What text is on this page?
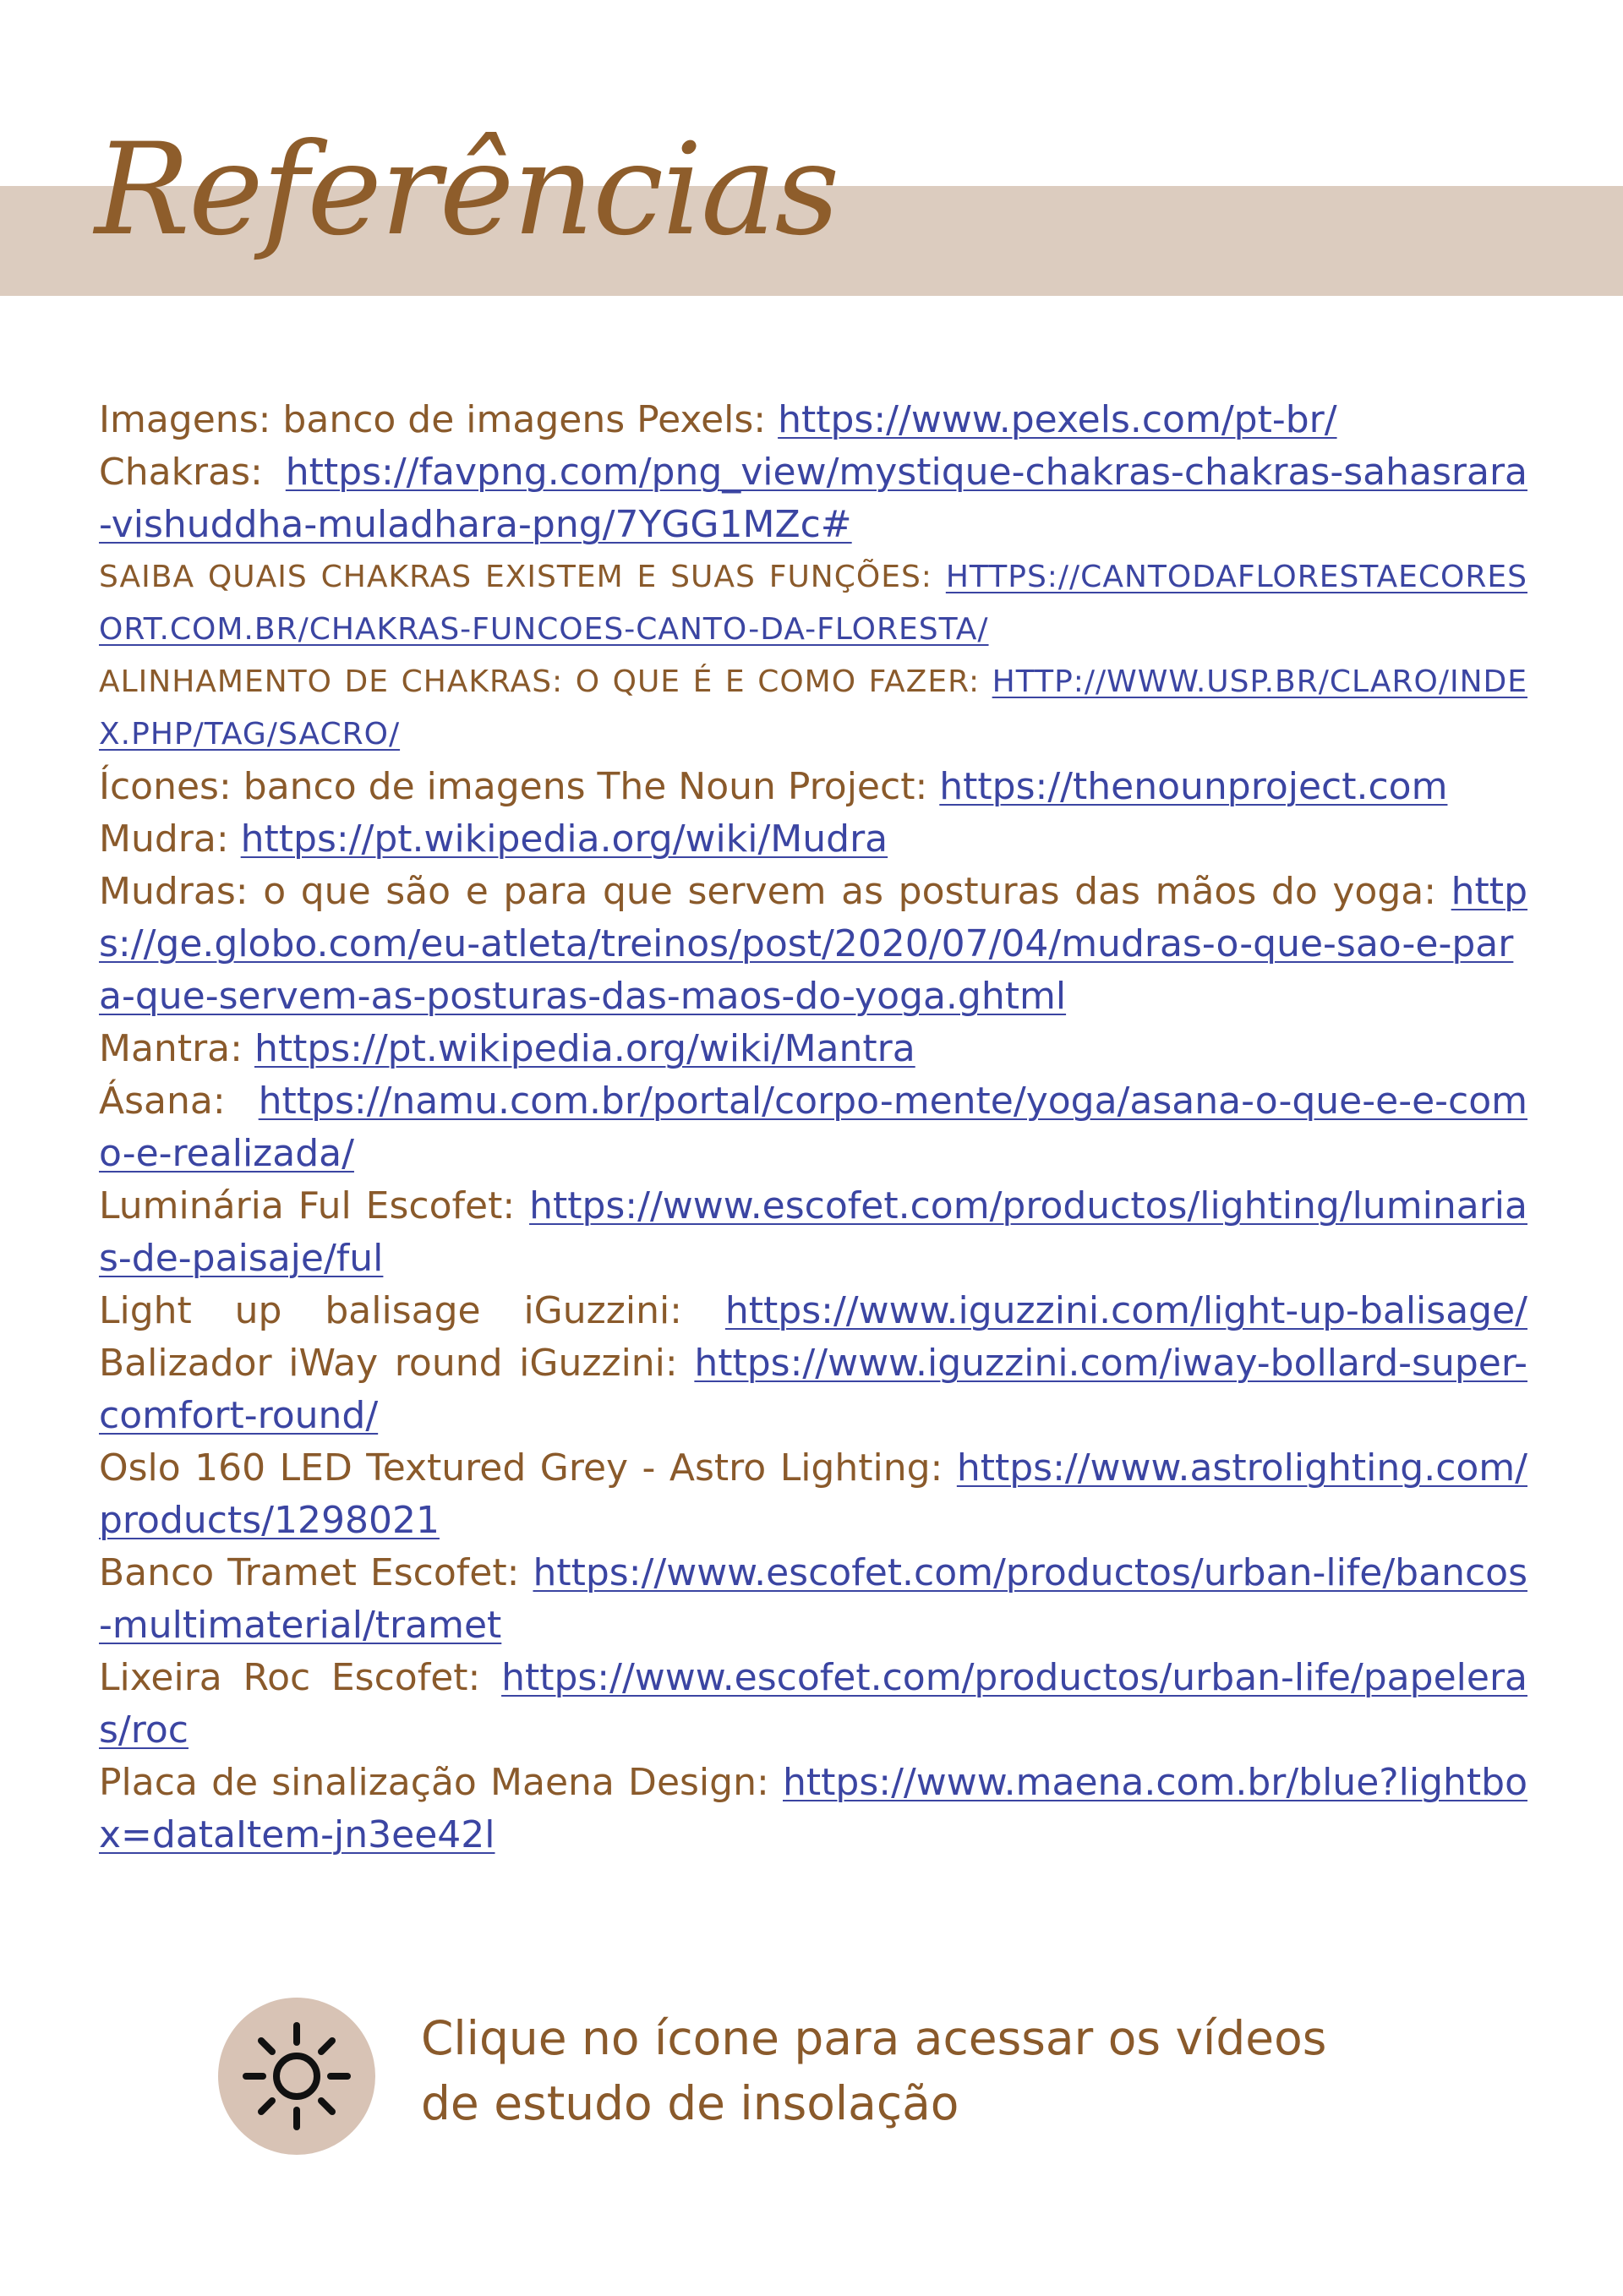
Referências

Imagens: banco de imagens Pexels: https://www.pexels.com/pt-br/

Chakras: https://favpng.com/png_view/mystique-chakras-chakras-sahasrara-vishuddha-muladhara-png/7YGG1MZc#

SAIBA QUAIS CHAKRAS EXISTEM E SUAS FUNÇÕES: HTTPS://CANTODAFLORESTAECORESORT.COM.BR/CHAKRAS-FUNCOES-CANTO-DA-FLORESTA/

ALINHAMENTO DE CHAKRAS: O QUE É E COMO FAZER: HTTP://WWW.USP.BR/CLARO/INDEX.PHP/TAG/SACRO/

Ícones: banco de imagens The Noun Project: https://thenounproject.com

Mudra: https://pt.wikipedia.org/wiki/Mudra

Mudras: o que são e para que servem as posturas das mãos do yoga: https://ge.globo.com/eu-atleta/treinos/post/2020/07/04/mudras-o-que-sao-e-para-que-servem-as-posturas-das-maos-do-yoga.ghtml

Mantra: https://pt.wikipedia.org/wiki/Mantra

Ásana: https://namu.com.br/portal/corpo-mente/yoga/asana-o-que-e-e-como-e-realizada/

Luminária Ful Escofet: https://www.escofet.com/productos/lighting/luminarias-de-paisaje/ful

Light up balisage iGuzzini: https://www.iguzzini.com/light-up-balisage/Balizador iWay round iGuzzini: https://www.iguzzini.com/iway-bollard-super-comfort-round/

Oslo 160 LED Textured Grey - Astro Lighting: https://www.astrolighting.com/products/1298021

Banco Tramet Escofet: https://www.escofet.com/productos/urban-life/bancos-multimaterial/tramet

Lixeira Roc Escofet: https://www.escofet.com/productos/urban-life/papeleras/roc

Placa de sinalização Maena Design: https://www.maena.com.br/blue?lightbox=dataItem-jn3ee42l

Clique no ícone para acessar os vídeos
de estudo de insolação
